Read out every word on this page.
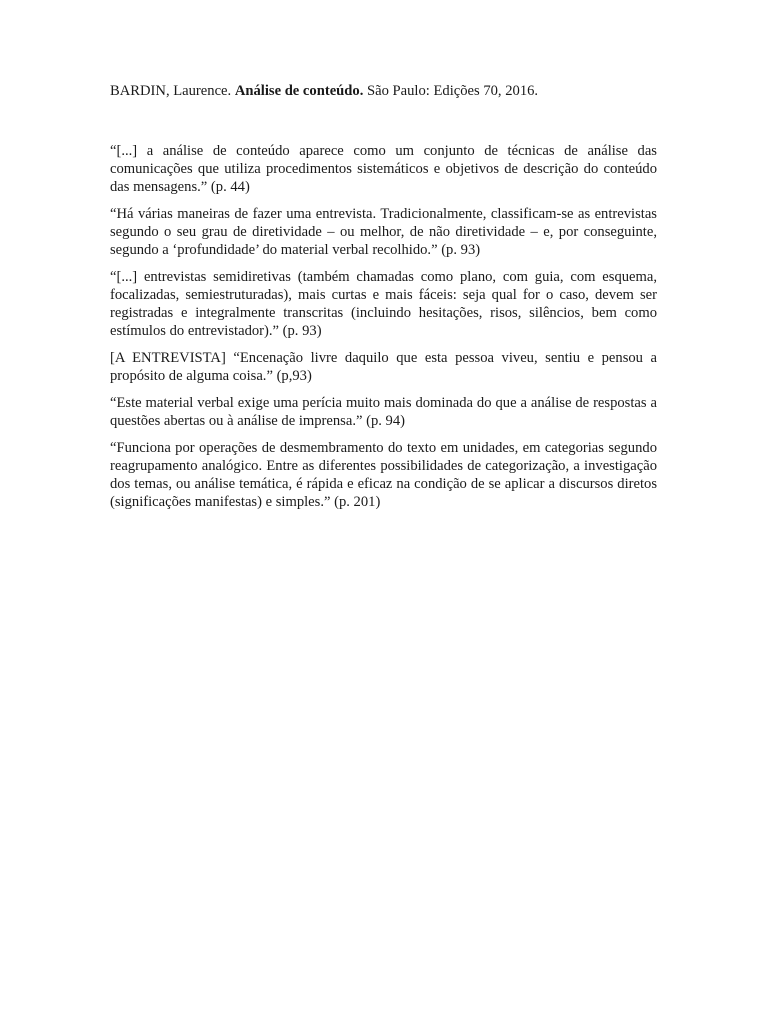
BARDIN, Laurence. Análise de conteúdo. São Paulo: Edições 70, 2016.

“[...] a análise de conteúdo aparece como um conjunto de técnicas de análise das comunicações que utiliza procedimentos sistemáticos e objetivos de descrição do conteúdo das mensagens.” (p. 44)

“Há várias maneiras de fazer uma entrevista. Tradicionalmente, classificam-se as entrevistas segundo o seu grau de diretividade – ou melhor, de não diretividade – e, por conseguinte, segundo a ‘profundidade’ do material verbal recolhido.” (p. 93)

“[...] entrevistas semidiretivas (também chamadas como plano, com guia, com esquema, focalizadas, semiestruturadas), mais curtas e mais fáceis: seja qual for o caso, devem ser registradas e integralmente transcritas (incluindo hesitações, risos, silêncios, bem como estímulos do entrevistador).” (p. 93)

[A ENTREVISTA] “Encenação livre daquilo que esta pessoa viveu, sentiu e pensou a propósito de alguma coisa.” (p,93)

“Este material verbal exige uma perícia muito mais dominada do que a análise de respostas a questões abertas ou à análise de imprensa.” (p. 94)

“Funciona por operações de desmembramento do texto em unidades, em categorias segundo reagrupamento analógico. Entre as diferentes possibilidades de categorização, a investigação dos temas, ou análise temática, é rápida e eficaz na condição de se aplicar a discursos diretos (significações manifestas) e simples.” (p. 201)
